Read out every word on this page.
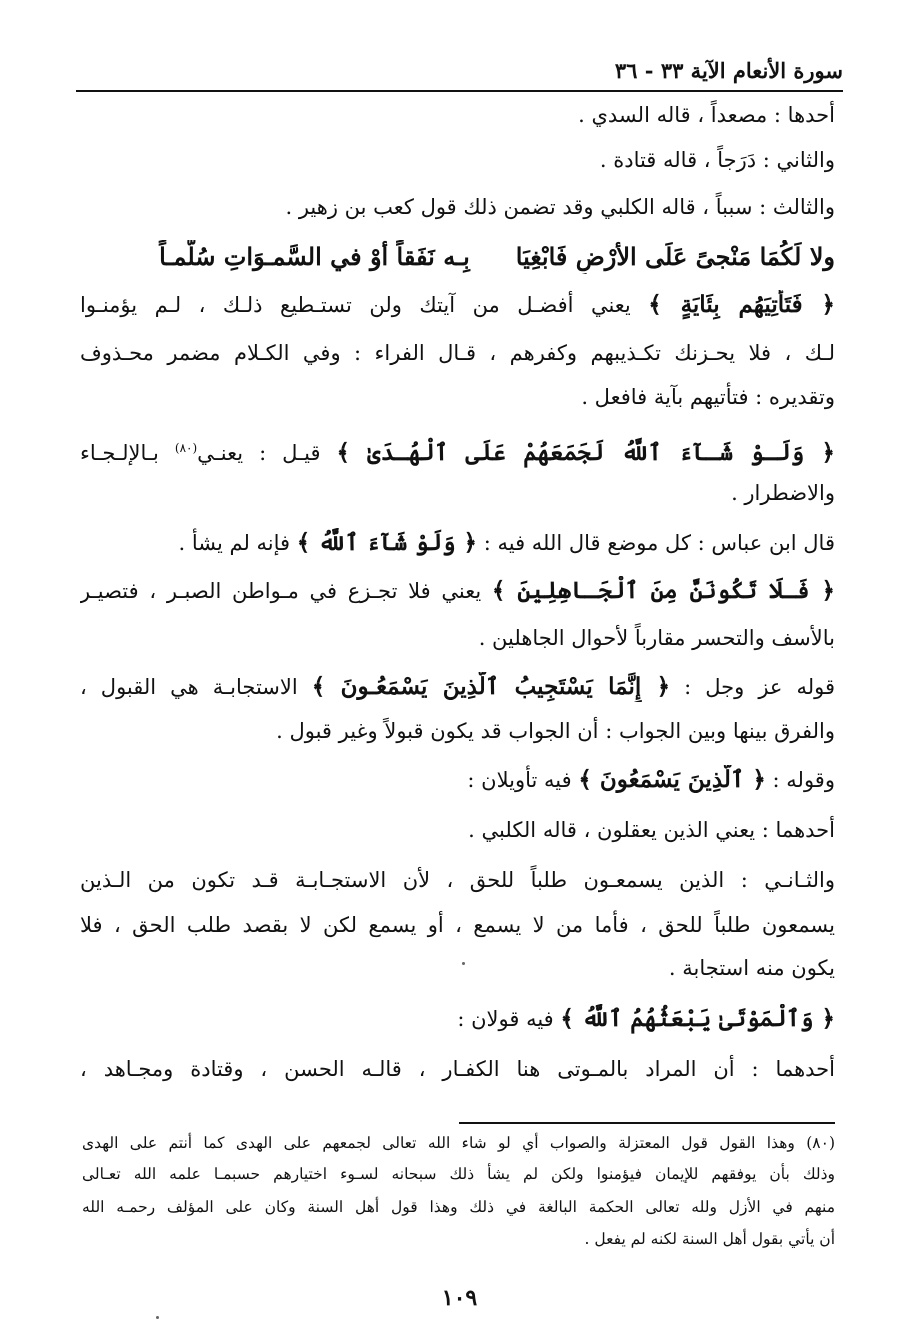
سورة الأنعام الآية ٣٣ - ٣٦
أحدها : مصعداً ، قاله السدي .
والثاني : دَرَجاً ، قاله قتادة .
والثالث : سبباً ، قاله الكلبي وقد تضمن ذلك قول كعب بن زهير .
ولا لَكُمَا مَنْجىً عَلَى الأرْضِ فَابْغِيَابِـه نَفَقاً أوْ في السَّمـوَاتِ سُلَّمـاً
﴿ فَتَأْتِيَهُم بِئَايَةٍ ﴾ يعني أفضـل من آيتك ولن تستـطيع ذلـك ، لـم يؤمنـوا
لـك ، فلا يحـزنك تكـذيبهم وكفرهم ، قـال الفراء : وفي الكـلام مضمر محـذوف
وتقديره : فتأتيهم بآية فافعل .
﴿ وَلَـوْ شَـآءَ ٱللَّهُ لَجَمَعَهُمْ عَلَى ٱلْهُـدَىٰ ﴾ قيـل : يعنـي$^{(٨٠)}$ بـالإلـجـاء
والاضطرار .
قال ابن عباس : كل موضع قال الله فيه : ﴿ وَلَوْ شَآءَ ٱللَّهُ ﴾ فإنه لم يشأ .
﴿ فَـلَا تَكُونَنَّ مِنَ ٱلْجَـاهِلِينَ ﴾ يعني فلا تجـزع في مـواطن الصبـر ، فتصيـر
بالأسف والتحسر مقارباً لأحوال الجاهلين .
قوله عز وجل : ﴿ إِنَّمَا يَسْتَجِيبُ ٱلَّذِينَ يَسْمَعُـونَ ﴾ الاستجابـة هي القبول ،
والفرق بينها وبين الجواب : أن الجواب قد يكون قبولاً وغير قبول .
وقوله : ﴿ ٱلَّذِينَ يَسْمَعُونَ ﴾ فيه تأويلان :
أحدهما : يعني الذين يعقلون ، قاله الكلبي .
والثـانـي : الذين يسمعـون طلباً للحق ، لأن الاستجـابـة قـد تكون من الـذين
يسمعون طلباً للحق ، فأما من لا يسمع ، أو يسمع لكن لا بقصد طلب الحق ، فلا
يكون منه استجابة .
﴿ وَٱلْمَوْتَىٰ يَبْعَثُهُمُ ٱللَّهُ ﴾ فيه قولان :
أحدهما : أن المراد بالمـوتى هنا الكفـار ، قالـه الحسن ، وقتادة ومجـاهد ،
(٨٠) وهذا القول قول المعتزلة والصواب أي لو شاء الله تعالى لجمعهم على الهدى كما أنتم على الهدى
وذلك بأن يوفقهم للإيمان فيؤمنوا ولكن لم يشأ ذلك سبحانه لسـوء اختيارهم حسبمـا علمه الله تعـالى
منهم في الأزل ولله تعالى الحكمة البالغة في ذلك وهذا قول أهل السنة وكان على المؤلف رحمـه الله
أن يأتي بقول أهل السنة لكنه لم يفعل .
١٠٩
